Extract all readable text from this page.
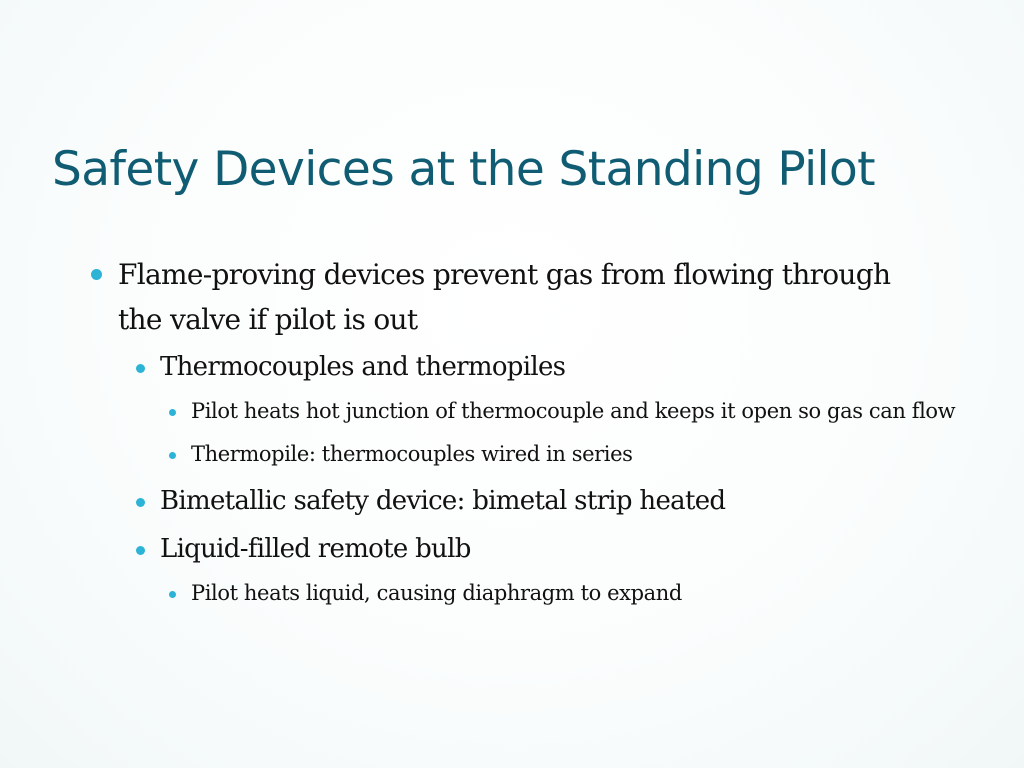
Safety Devices at the Standing Pilot
Flame-proving devices prevent gas from flowing through the valve if pilot is out
Thermocouples and thermopiles
Pilot heats hot junction of thermocouple and keeps it open so gas can flow
Thermopile: thermocouples wired in series
Bimetallic safety device: bimetal strip heated
Liquid-filled remote bulb
Pilot heats liquid, causing diaphragm to expand
